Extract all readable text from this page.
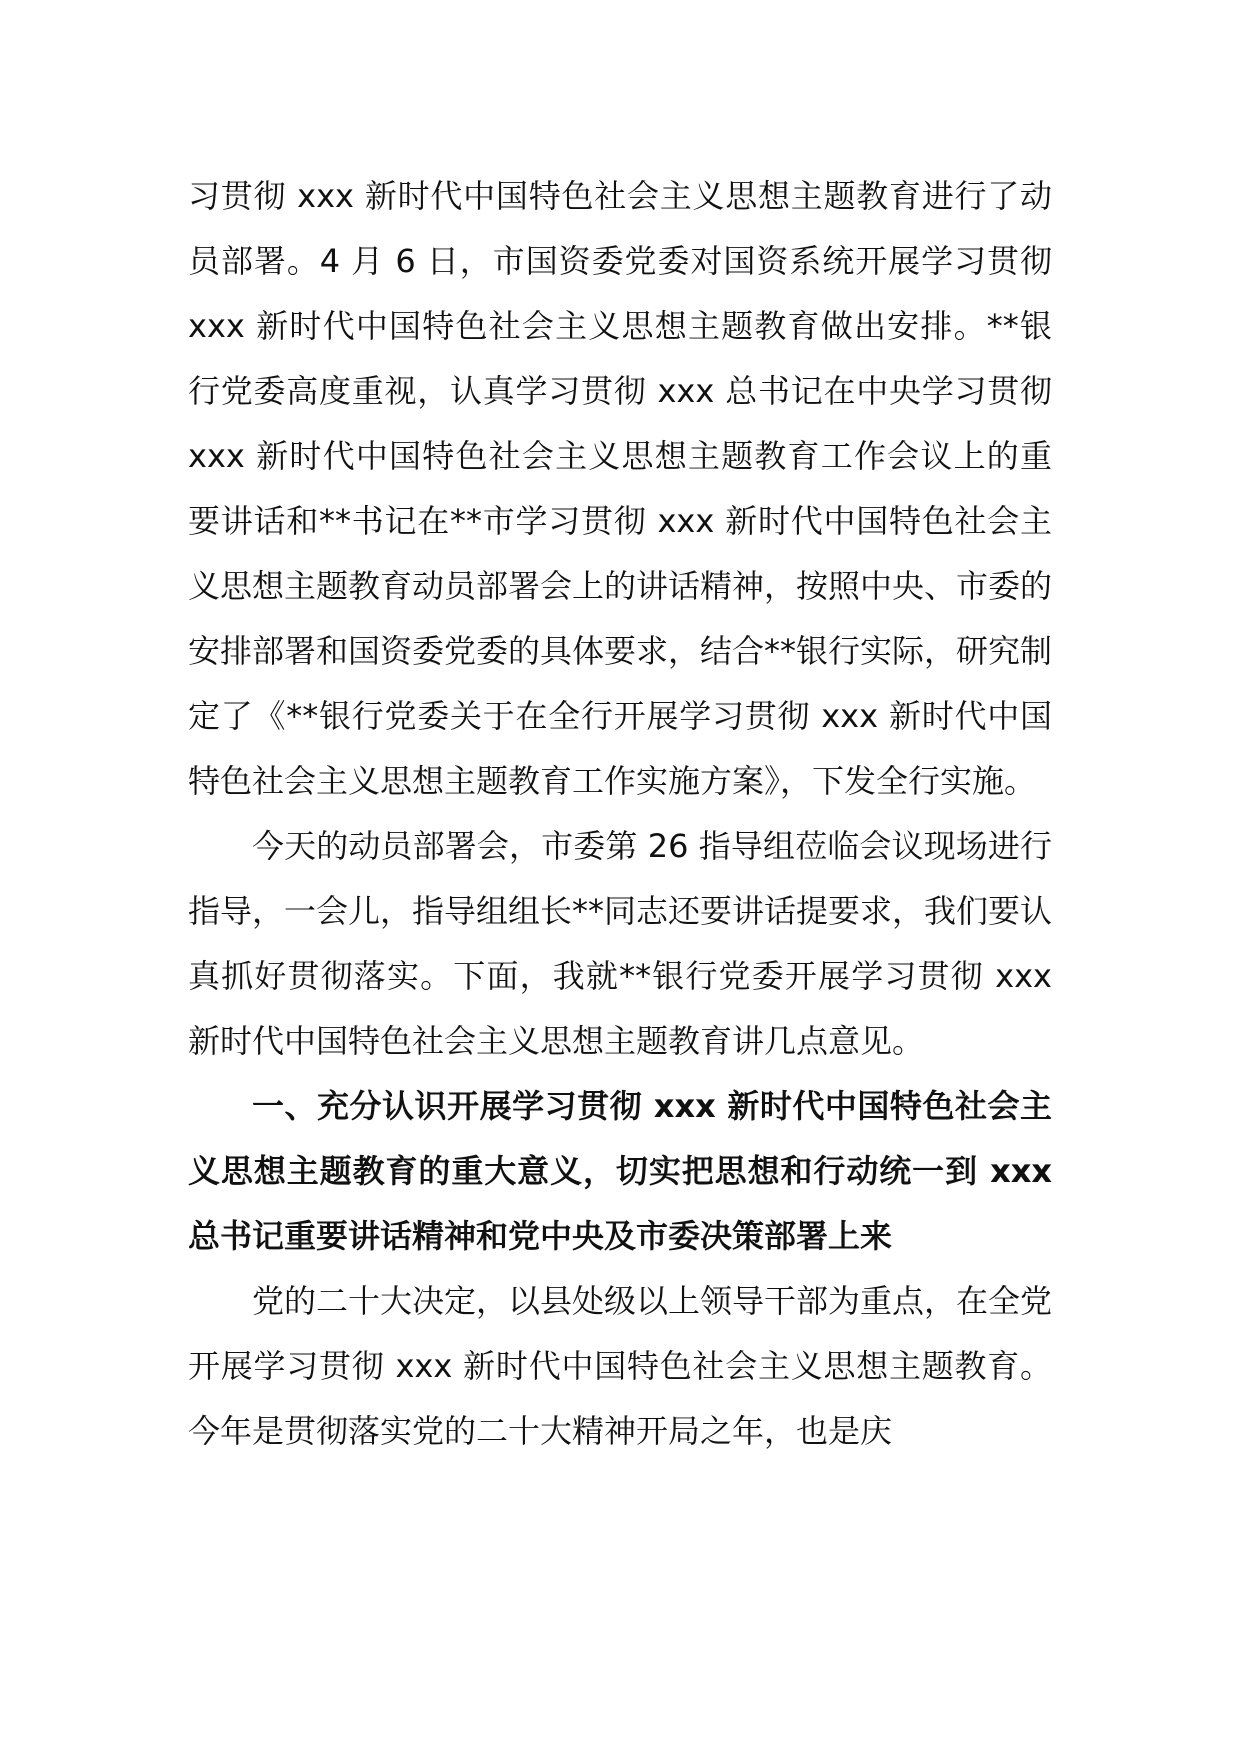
习贯彻 xxx 新时代中国特色社会主义思想主题教育进行了动员部署。4 月 6 日，市国资委党委对国资系统开展学习贯彻 xxx 新时代中国特色社会主义思想主题教育做出安排。**银行党委高度重视，认真学习贯彻 xxx 总书记在中央学习贯彻 xxx 新时代中国特色社会主义思想主题教育工作会议上的重要讲话和**书记在**市学习贯彻 xxx 新时代中国特色社会主义思想主题教育动员部署会上的讲话精神，按照中央、市委的安排部署和国资委党委的具体要求，结合**银行实际，研究制定了《**银行党委关于在全行开展学习贯彻 xxx 新时代中国特色社会主义思想主题教育工作实施方案》，下发全行实施。

今天的动员部署会，市委第 26 指导组莅临会议现场进行指导，一会儿，指导组组长**同志还要讲话提要求，我们要认真抓好贯彻落实。下面，我就**银行党委开展学习贯彻 xxx 新时代中国特色社会主义思想主题教育讲几点意见。

一、充分认识开展学习贯彻 xxx 新时代中国特色社会主义思想主题教育的重大意义，切实把思想和行动统一到 xxx 总书记重要讲话精神和党中央及市委决策部署上来

党的二十大决定，以县处级以上领导干部为重点，在全党开展学习贯彻 xxx 新时代中国特色社会主义思想主题教育。今年是贯彻落实党的二十大精神开局之年，也是庆
